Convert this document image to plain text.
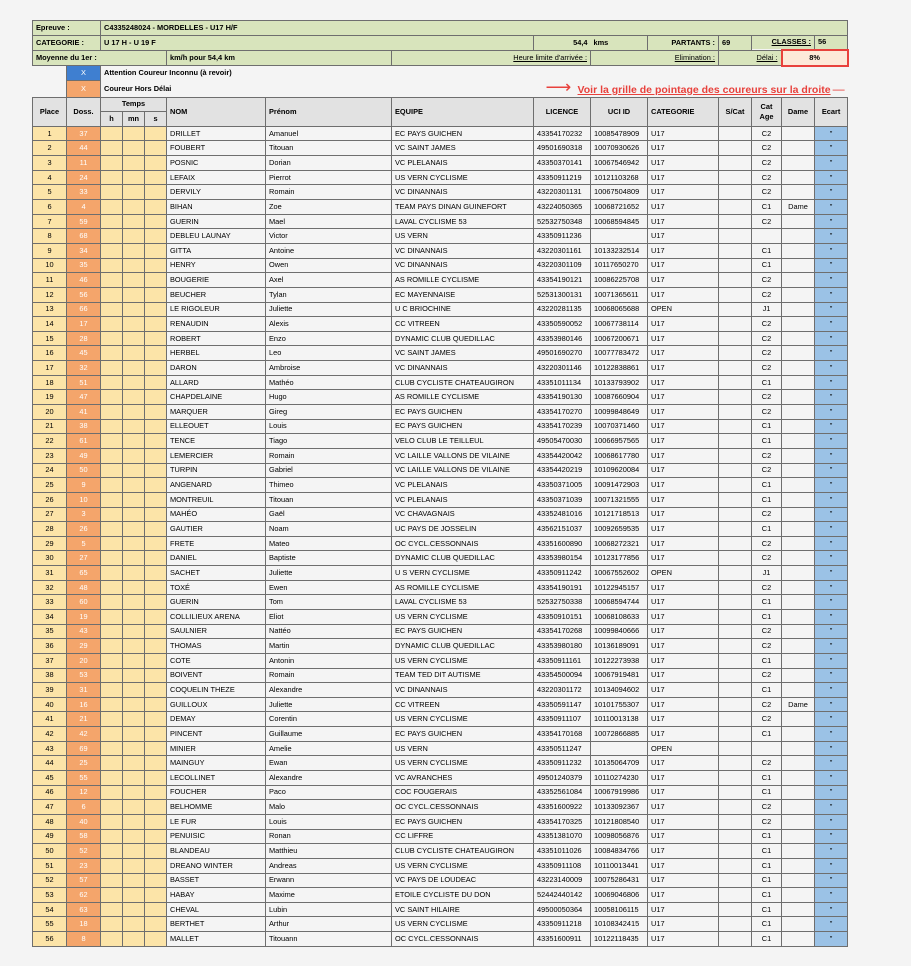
Epreuve :		C4335248024 - MORDELLES - U17 H/F												
CATEGORIE :		U 17 H - U 19 F						54,4	kms	PARTANTS :	69	CLASSES :		56
Moyenne du 1er :					km/h pour 54,4 km		Heure limite d'arrivée :		Elimination :		Délai :		8%	
	X	Attention Coureur Inconnu (à revoir)												
	X	Coureur Hors Délai					⟶ Voir la grille de pointage des coureurs sur la droite —							
Place	Doss.	Temps			NOM	Prénom	EQUIPE	LICENCE	UCI ID	CATEGORIE	S/Cat	Cat Age	Dame	Ecart
		h	mn	s										
1	37				DRILLET	Amanuel	EC PAYS GUICHEN	43354170232	10085478909	U17		C2		"
2	44				FOUBERT	Titouan	VC SAINT JAMES	49501690318	10070930626	U17		C2		"
3	11				POSNIC	Dorian	VC PLELANAIS	43350370141	10067546942	U17		C2		"
4	24				LEFAIX	Pierrot	US VERN CYCLISME	43350911219	10121103268	U17		C2		"
5	33				DERVILY	Romain	VC DINANNAIS	43220301131	10067504809	U17		C2		"
6	4				BIHAN	Zoe	TEAM PAYS DINAN GUINEFORT	43224050365	10068721652	U17		C1	Dame	"
7	59				GUERIN	Mael	LAVAL CYCLISME 53	52532750348	10068594845	U17		C2		"
8	68				DEBLEU LAUNAY	Victor	US VERN	43350911236		U17				"
9	34				GITTA	Antoine	VC DINANNAIS	43220301161	10133232514	U17		C1		"
10	35				HENRY	Owen	VC DINANNAIS	43220301109	10117650270	U17		C1		"
11	46				BOUGERIE	Axel	AS ROMILLE CYCLISME	43354190121	10086225708	U17		C2		"
12	56				BEUCHER	Tylan	EC MAYENNAISE	52531300131	10071365611	U17		C2		"
13	66				LE RIGOLEUR	Juliette	U C BRIOCHINE	43220281135	10068065688	OPEN		J1		"
14	17				RENAUDIN	Alexis	CC VITREEN	43350590052	10067738114	U17		C2		"
15	28				ROBERT	Enzo	DYNAMIC CLUB QUEDILLAC	43353980146	10067200671	U17		C2		"
16	45				HERBEL	Leo	VC SAINT JAMES	49501690270	10077783472	U17		C2		"
17	32				DARON	Ambroise	VC DINANNAIS	43220301146	10122838861	U17		C2		"
18	51				ALLARD	Mathéo	CLUB CYCLISTE CHATEAUGIRON	43351011134	10133793902	U17		C1		"
19	47				CHAPDELAINE	Hugo	AS ROMILLE CYCLISME	43354190130	10087660904	U17		C2		"
20	41				MARQUER	Gireg	EC PAYS GUICHEN	43354170270	10099848649	U17		C2		"
21	38				ELLEOUET	Louis	EC PAYS GUICHEN	43354170239	10070371460	U17		C1		"
22	61				TENCE	Tiago	VELO CLUB LE TEILLEUL	49505470030	10066957565	U17		C1		"
23	49				LEMERCIER	Romain	VC LAILLE VALLONS DE VILAINE	43354420042	10068617780	U17		C2		"
24	50				TURPIN	Gabriel	VC LAILLE VALLONS DE VILAINE	43354420219	10109620084	U17		C2		"
25	9				ANGENARD	Thimeo	VC PLELANAIS	43350371005	10091472903	U17		C1		"
26	10				MONTREUIL	Titouan	VC PLELANAIS	43350371039	10071321555	U17		C1		"
27	3				MAHÉO	Gaël	VC CHAVAGNAIS	43352481016	10121718513	U17		C2		"
28	26				GAUTIER	Noam	UC PAYS DE JOSSELIN	43562151037	10092659535	U17		C1		"
29	5				FRETE	Mateo	OC CYCL.CESSONNAIS	43351600890	10068272321	U17		C2		"
30	27				DANIEL	Baptiste	DYNAMIC CLUB QUEDILLAC	43353980154	10123177856	U17		C2		"
31	65				SACHET	Juliette	U S VERN CYCLISME	43350911242	10067552602	OPEN		J1		"
32	48				TOXÉ	Ewen	AS ROMILLE CYCLISME	43354190191	10122945157	U17		C2		"
33	60				GUERIN	Tom	LAVAL CYCLISME 53	52532750338	10068594744	U17		C1		"
34	19				COLLILIEUX ARENA	Eliot	US VERN CYCLISME	43350910151	10068108633	U17		C1		"
35	43				SAULNIER	Nattéo	EC PAYS GUICHEN	43354170268	10099840666	U17		C2		"
36	29				THOMAS	Martin	DYNAMIC CLUB QUEDILLAC	43353980180	10136189091	U17		C2		"
37	20				COTE	Antonin	US VERN CYCLISME	43350911161	10122273938	U17		C1		"
38	53				BOIVENT	Romain	TEAM TED DIT AUTISME	43354500094	10067919481	U17		C2		"
39	31				COQUELIN THEZE	Alexandre	VC DINANNAIS	43220301172	10134094602	U17		C1		"
40	16				GUILLOUX	Juliette	CC VITREEN	43350591147	10101755307	U17		C2	Dame	"
41	21				DEMAY	Corentin	US VERN CYCLISME	43350911107	10110013138	U17		C2		"
42	42				PINCENT	Guillaume	EC PAYS GUICHEN	43354170168	10072866885	U17		C1		"
43	69				MINIER	Amelie	US VERN	43350511247		OPEN				"
44	25				MAINGUY	Ewan	US VERN CYCLISME	43350911232	10135064709	U17		C2		"
45	55				LECOLLINET	Alexandre	VC AVRANCHES	49501240379	10110274230	U17		C1		"
46	12				FOUCHER	Paco	COC FOUGERAIS	43352561084	10067919986	U17		C1		"
47	6				BELHOMME	Malo	OC CYCL.CESSONNAIS	43351600922	10133092367	U17		C2		"
48	40				LE FUR	Louis	EC PAYS GUICHEN	43354170325	10121808540	U17		C2		"
49	58				PENUISIC	Ronan	CC LIFFRE	43351381070	10098056876	U17		C1		"
50	52				BLANDEAU	Matthieu	CLUB CYCLISTE CHATEAUGIRON	43351011026	10084834766	U17		C1		"
51	23				DREANO WINTER	Andreas	US VERN CYCLISME	43350911108	10110013441	U17		C1		"
52	57				BASSET	Erwann	VC PAYS DE LOUDEAC	43223140009	10075286431	U17		C1		"
53	62				HABAY	Maxime	ETOILE CYCLISTE DU DON	52442440142	10069046806	U17		C1		"
54	63				CHEVAL	Lubin	VC SAINT HILAIRE	49500050364	10058106115	U17		C1		"
55	18				BERTHET	Arthur	US VERN CYCLISME	43350911218	10108342415	U17		C1		"
56	8				MALLET	Titouann	OC CYCL.CESSONNAIS	43351600911	10122118435	U17		C1		"
